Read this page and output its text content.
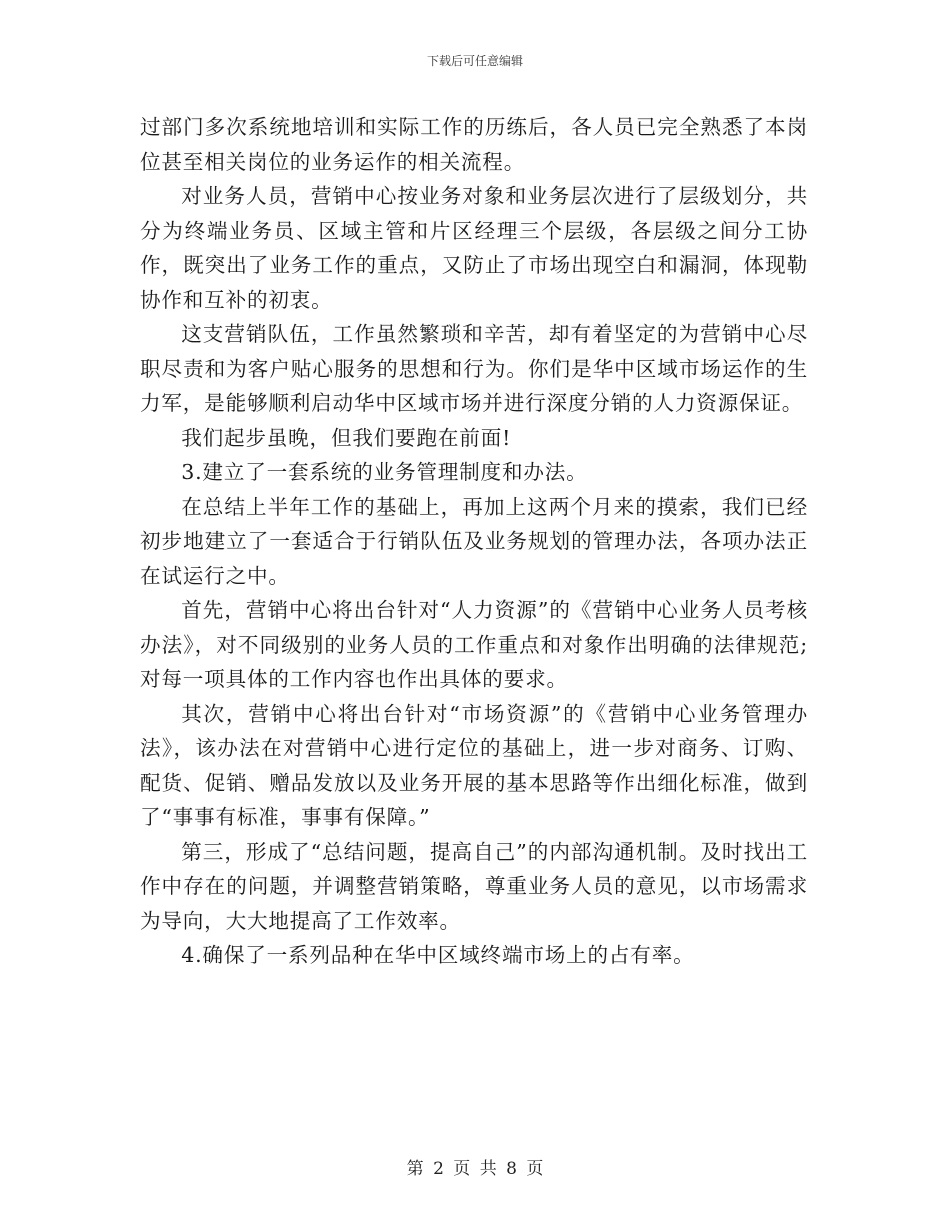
下载后可任意编辑

过部门多次系统地培训和实际工作的历练后，各人员已完全熟悉了本岗位甚至相关岗位的业务运作的相关流程。

对业务人员，营销中心按业务对象和业务层次进行了层级划分，共分为终端业务员、区域主管和片区经理三个层级，各层级之间分工协作，既突出了业务工作的重点，又防止了市场出现空白和漏洞，体现勒协作和互补的初衷。

这支营销队伍，工作虽然繁琐和辛苦，却有着坚定的为营销中心尽职尽责和为客户贴心服务的思想和行为。你们是华中区域市场运作的生力军，是能够顺利启动华中区域市场并进行深度分销的人力资源保证。

我们起步虽晚，但我们要跑在前面!

3.建立了一套系统的业务管理制度和办法。

在总结上半年工作的基础上，再加上这两个月来的摸索，我们已经初步地建立了一套适合于行销队伍及业务规划的管理办法，各项办法正在试运行之中。

首先，营销中心将出台针对“人力资源”的《营销中心业务人员考核办法》，对不同级别的业务人员的工作重点和对象作出明确的法律规范;对每一项具体的工作内容也作出具体的要求。

其次，营销中心将出台针对“市场资源”的《营销中心业务管理办法》，该办法在对营销中心进行定位的基础上，进一步对商务、订购、配货、促销、赠品发放以及业务开展的基本思路等作出细化标准，做到了“事事有标准，事事有保障。”

第三，形成了“总结问题，提高自己”的内部沟通机制。及时找出工作中存在的问题，并调整营销策略，尊重业务人员的意见，以市场需求为导向，大大地提高了工作效率。

4.确保了一系列品种在华中区域终端市场上的占有率。

第 2 页 共 8 页
